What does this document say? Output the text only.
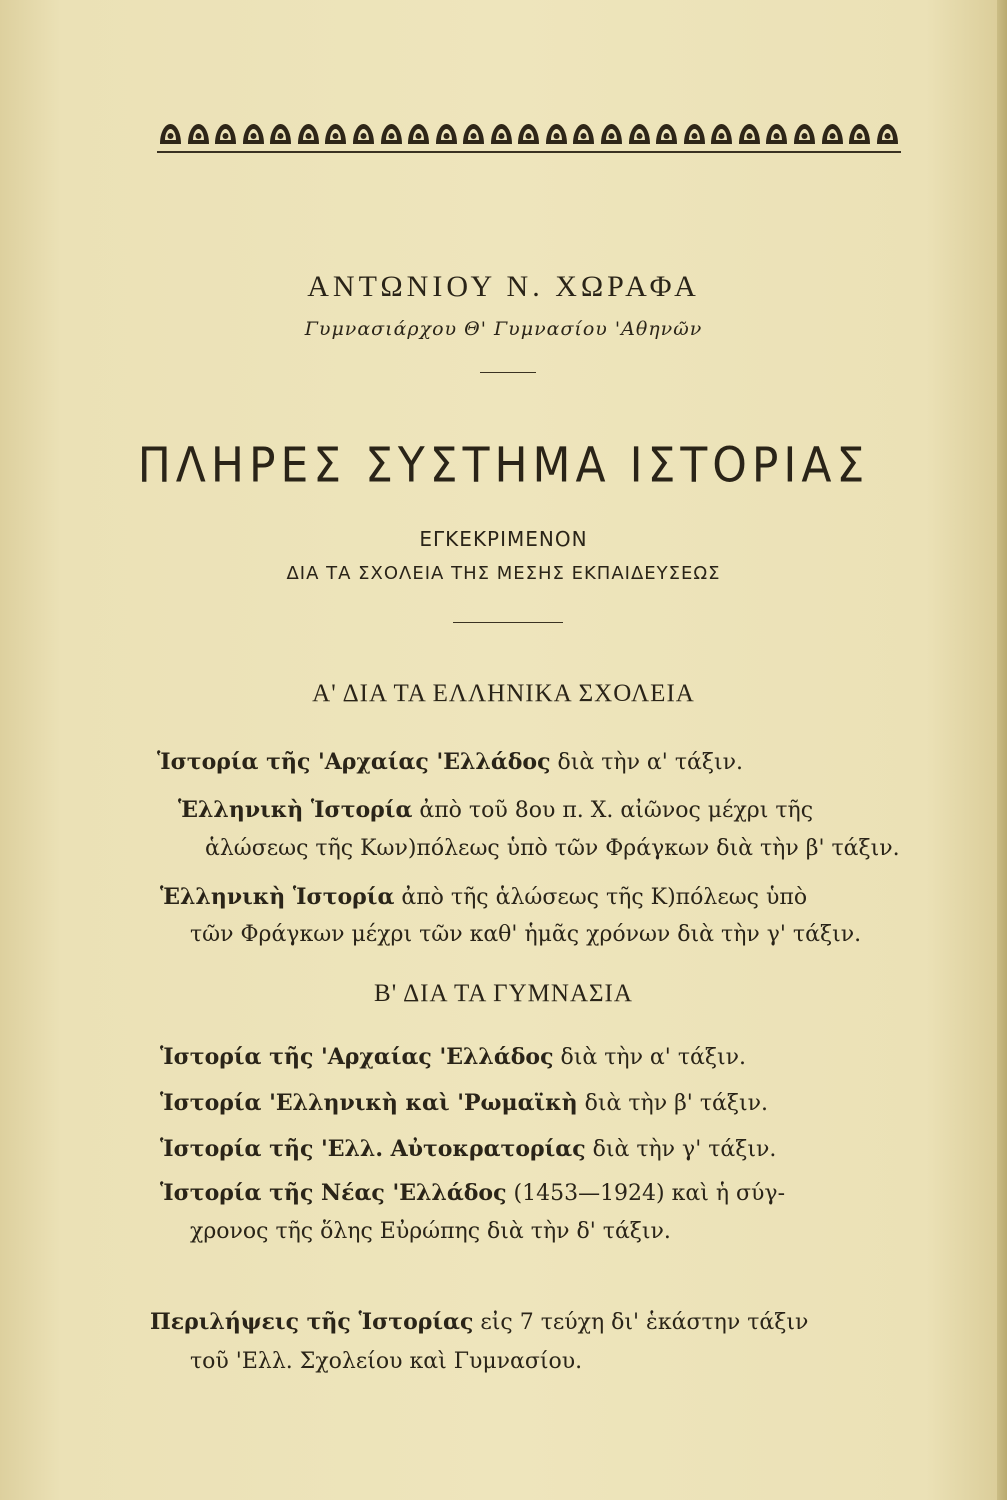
ΑΝΤΩΝΙΟΥ Ν. ΧΩΡΑΦΑ
Γυμνασιάρχου Θ' Γυμνασίου 'Αθηνῶν
ΠΛΗΡΕΣ ΣΥΣΤΗΜΑ ΙΣΤΟΡΙΑΣ
ΕΓΚΕΚΡΙΜΕΝΟΝ
ΔΙΑ ΤΑ ΣΧΟΛΕΙΑ ΤΗΣ ΜΕΣΗΣ ΕΚΠΑΙΔΕΥΣΕΩΣ
Α' ΔΙΑ ΤΑ ΕΛΛΗΝΙΚΑ ΣΧΟΛΕΙΑ
Ἱστορία τῆς 'Αρχαίας 'Ελλάδος διὰ τὴν α' τάξιν.
Ἑλληνικὴ Ἱστορία ἀπὸ τοῦ 8ου π. Χ. αἰῶνος μέχρι τῆς
ἁλώσεως τῆς Κων)πόλεως ὑπὸ τῶν Φράγκων διὰ τὴν β' τάξιν.
Ἑλληνικὴ Ἱστορία ἀπὸ τῆς ἁλώσεως τῆς Κ)πόλεως ὑπὸ
τῶν Φράγκων μέχρι τῶν καθ' ἡμᾶς χρόνων διὰ τὴν γ' τάξιν.
Β' ΔΙΑ ΤΑ ΓΥΜΝΑΣΙΑ
Ἱστορία τῆς 'Αρχαίας 'Ελλάδος διὰ τὴν α' τάξιν.
Ἱστορία 'Ελληνικὴ καὶ 'Ρωμαϊκὴ διὰ τὴν β' τάξιν.
Ἱστορία τῆς 'Ελλ. Αὐτοκρατορίας διὰ τὴν γ' τάξιν.
Ἱστορία τῆς Νέας 'Ελλάδος (1453—1924) καὶ ἡ σύγ-
χρονος τῆς ὅλης Εὐρώπης διὰ τὴν δ' τάξιν.
Περιλήψεις τῆς Ἱστορίας εἰς 7 τεύχη δι' ἑκάστην τάξιν
τοῦ 'Ελλ. Σχολείου καὶ Γυμνασίου.
